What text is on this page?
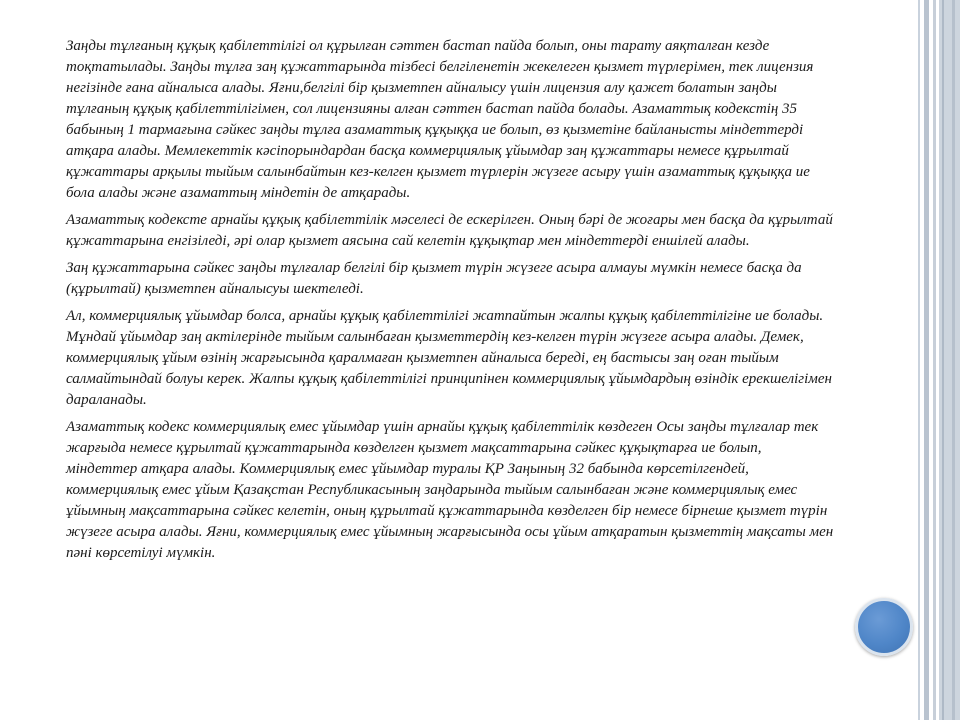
Заңды тұлғаның құқық қабілеттілігі ол құрылған сәттен бастап пайда болып, оны тарату аяқталған кезде тоқтатылады. Заңды тұлға заң құжаттарында тізбесі белгіленетін жекелеген қызмет түрлерімен, тек лицензия негізінде ғана айналыса алады. Яғни,белгілі бір қызметпен айналысу үшін лицензия алу қажет болатын заңды тұлғаның құқық қабілеттілігімен, сол лицензияны алған сәттен бастап пайда болады. Азаматтық кодекстің 35 бабының 1 тармағына сәйкес заңды тұлға азаматтық құқыққа ие болып, өз қызметіне байланысты міндеттерді атқара алады. Мемлекеттік кәсіпорындардан басқа коммерциялық ұйымдар заң құжаттары немесе құрылтай құжаттары арқылы тыйым салынбайтын кез-келген қызмет түрлерін жүзеге асыру үшін азаматтық құқыққа ие бола алады және азаматтың міндетін де атқарады.

Азаматтық кодексте арнайы құқық қабілеттілік мәселесі де ескерілген. Оның бәрі де жоғары мен басқа да құрылтай құжаттарына енгізіледі, әрі олар қызмет аясына сай келетін құқықтар мен міндеттерді еншілей алады.

Заң құжаттарына сәйкес заңды тұлғалар белгілі бір қызмет түрін жүзеге асыра алмауы мүмкін немесе басқа да (құрылтай) қызметпен айналысуы шектеледі.

Ал, коммерциялық ұйымдар болса, арнайы құқық қабілеттілігі жатпайтын жалпы құқық қабілеттілігіне ие болады. Мұндай ұйымдар заң актілерінде тыйым салынбаған қызметтердің кез-келген түрін жүзеге асыра алады. Демек, коммерциялық ұйым өзінің жарғысында қаралмаған қызметпен айналыса береді, ең бастысы заң оған тыйым салмайтындай болуы керек. Жалпы құқық қабілеттілігі принципінен коммерциялық ұйымдардың өзіндік ерекшелігімен дараланады.

Азаматтық кодекс коммерциялық емес ұйымдар үшін арнайы құқық қабілеттілік көздеген Осы заңды тұлғалар тек жарғыда немесе құрылтай құжаттарында көзделген қызмет мақсаттарына сәйкес құқықтарға ие болып, міндеттер атқара алады. Коммерциялық емес ұйымдар туралы ҚР Заңының 32 бабында көрсетілгендей, коммерциялық емес ұйым Қазақстан Республикасының заңдарында тыйым салынбаған және коммерциялық емес ұйымның мақсаттарына сәйкес келетін, оның құрылтай құжаттарында көзделген бір немесе бірнеше қызмет түрін жүзеге асыра алады. Яғни, коммерциялық емес ұйымның жарғысында осы ұйым атқаратын қызметтің мақсаты мен пәні көрсетілуі мүмкін.
